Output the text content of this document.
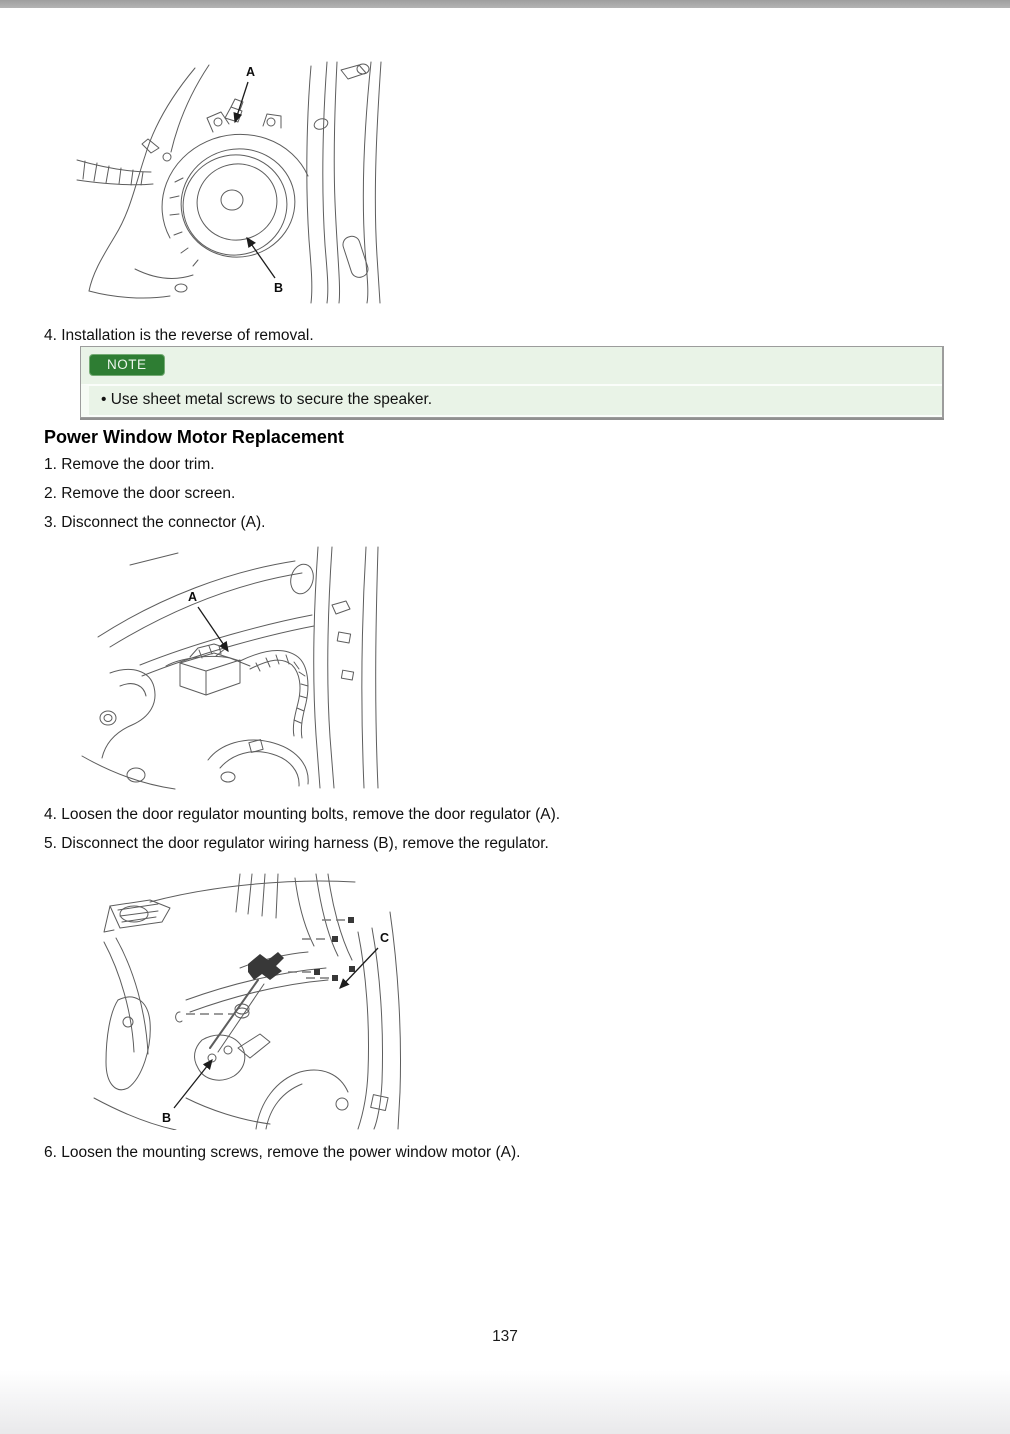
A
B
4. Installation is the reverse of removal.
NOTE
• Use sheet metal screws to secure the speaker.
Power Window Motor Replacement
1. Remove the door trim.
2. Remove the door screen.
3. Disconnect the connector (A).
A
4. Loosen the door regulator mounting bolts, remove the door regulator (A).
5. Disconnect the door regulator wiring harness (B), remove the regulator.
C
B
6. Loosen the mounting screws, remove the power window motor (A).
137
